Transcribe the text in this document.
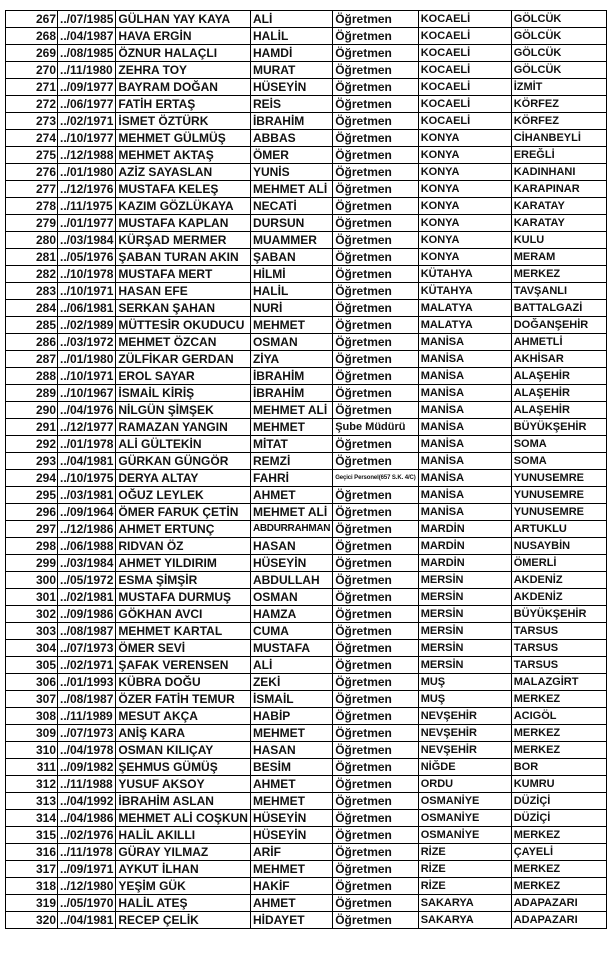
267	../07/1985	GÜLHAN YAY KAYA	ALİ	Öğretmen	KOCAELİ	GÖLCÜK
268	../04/1987	HAVA ERGİN	HALİL	Öğretmen	KOCAELİ	GÖLCÜK
269	../08/1985	ÖZNUR HALAÇLI	HAMDİ	Öğretmen	KOCAELİ	GÖLCÜK
270	../11/1980	ZEHRA TOY	MURAT	Öğretmen	KOCAELİ	GÖLCÜK
271	../09/1977	BAYRAM DOĞAN	HÜSEYİN	Öğretmen	KOCAELİ	İZMİT
272	../06/1977	FATİH ERTAŞ	REİS	Öğretmen	KOCAELİ	KÖRFEZ
273	../02/1971	İSMET ÖZTÜRK	İBRAHİM	Öğretmen	KOCAELİ	KÖRFEZ
274	../10/1977	MEHMET GÜLMÜŞ	ABBAS	Öğretmen	KONYA	CİHANBEYLİ
275	../12/1988	MEHMET AKTAŞ	ÖMER	Öğretmen	KONYA	EREĞLİ
276	../01/1980	AZİZ SAYASLAN	YUNİS	Öğretmen	KONYA	KADINHANI
277	../12/1976	MUSTAFA KELEŞ	MEHMET ALİ	Öğretmen	KONYA	KARAPINAR
278	../11/1975	KAZIM GÖZLÜKAYA	NECATİ	Öğretmen	KONYA	KARATAY
279	../01/1977	MUSTAFA KAPLAN	DURSUN	Öğretmen	KONYA	KARATAY
280	../03/1984	KÜRŞAD MERMER	MUAMMER	Öğretmen	KONYA	KULU
281	../05/1976	ŞABAN TURAN AKIN	ŞABAN	Öğretmen	KONYA	MERAM
282	../10/1978	MUSTAFA MERT	HİLMİ	Öğretmen	KÜTAHYA	MERKEZ
283	../10/1971	HASAN EFE	HALİL	Öğretmen	KÜTAHYA	TAVŞANLI
284	../06/1981	SERKAN ŞAHAN	NURİ	Öğretmen	MALATYA	BATTALGAZİ
285	../02/1989	MÜTTESİR OKUDUCU	MEHMET	Öğretmen	MALATYA	DOĞANŞEHİR
286	../03/1972	MEHMET ÖZCAN	OSMAN	Öğretmen	MANİSA	AHMETLİ
287	../01/1980	ZÜLFİKAR GERDAN	ZİYA	Öğretmen	MANİSA	AKHİSAR
288	../10/1971	EROL SAYAR	İBRAHİM	Öğretmen	MANİSA	ALAŞEHİR
289	../10/1967	İSMAİL KİRİŞ	İBRAHİM	Öğretmen	MANİSA	ALAŞEHİR
290	../04/1976	NİLGÜN ŞİMŞEK	MEHMET ALİ	Öğretmen	MANİSA	ALAŞEHİR
291	../12/1977	RAMAZAN YANGIN	MEHMET	Şube Müdürü	MANİSA	BÜYÜKŞEHİR
292	../01/1978	ALİ GÜLTEKİN	MİTAT	Öğretmen	MANİSA	SOMA
293	../04/1981	GÜRKAN GÜNGÖR	REMZİ	Öğretmen	MANİSA	SOMA
294	../10/1975	DERYA ALTAY	FAHRİ	Geçici Personel(657 S.K. 4/C)	MANİSA	YUNUSEMRE
295	../03/1981	OĞUZ LEYLEK	AHMET	Öğretmen	MANİSA	YUNUSEMRE
296	../09/1964	ÖMER FARUK ÇETİN	MEHMET ALİ	Öğretmen	MANİSA	YUNUSEMRE
297	../12/1986	AHMET ERTUNÇ	ABDURRAHMAN	Öğretmen	MARDİN	ARTUKLU
298	../06/1988	RIDVAN ÖZ	HASAN	Öğretmen	MARDİN	NUSAYBİN
299	../03/1984	AHMET YILDIRIM	HÜSEYİN	Öğretmen	MARDİN	ÖMERLİ
300	../05/1972	ESMA ŞİMŞİR	ABDULLAH	Öğretmen	MERSİN	AKDENİZ
301	../02/1981	MUSTAFA DURMUŞ	OSMAN	Öğretmen	MERSİN	AKDENİZ
302	../09/1986	GÖKHAN AVCI	HAMZA	Öğretmen	MERSİN	BÜYÜKŞEHİR
303	../08/1987	MEHMET KARTAL	CUMA	Öğretmen	MERSİN	TARSUS
304	../07/1973	ÖMER SEVİ	MUSTAFA	Öğretmen	MERSİN	TARSUS
305	../02/1971	ŞAFAK VERENSEN	ALİ	Öğretmen	MERSİN	TARSUS
306	../01/1993	KÜBRA DOĞU	ZEKİ	Öğretmen	MUŞ	MALAZGİRT
307	../08/1987	ÖZER FATİH TEMUR	İSMAİL	Öğretmen	MUŞ	MERKEZ
308	../11/1989	MESUT AKÇA	HABİP	Öğretmen	NEVŞEHİR	ACIGÖL
309	../07/1973	ANİŞ KARA	MEHMET	Öğretmen	NEVŞEHİR	MERKEZ
310	../04/1978	OSMAN KILIÇAY	HASAN	Öğretmen	NEVŞEHİR	MERKEZ
311	../09/1982	ŞEHMUS GÜMÜŞ	BESİM	Öğretmen	NİĞDE	BOR
312	../11/1988	YUSUF AKSOY	AHMET	Öğretmen	ORDU	KUMRU
313	../04/1992	İBRAHİM ASLAN	MEHMET	Öğretmen	OSMANİYE	DÜZİÇİ
314	../04/1986	MEHMET ALİ COŞKUN	HÜSEYİN	Öğretmen	OSMANİYE	DÜZİÇİ
315	../02/1976	HALİL AKILLI	HÜSEYİN	Öğretmen	OSMANİYE	MERKEZ
316	../11/1978	GÜRAY YILMAZ	ARİF	Öğretmen	RİZE	ÇAYELİ
317	../09/1971	AYKUT İLHAN	MEHMET	Öğretmen	RİZE	MERKEZ
318	../12/1980	YEŞİM GÜK	HAKİF	Öğretmen	RİZE	MERKEZ
319	../05/1970	HALİL ATEŞ	AHMET	Öğretmen	SAKARYA	ADAPAZARI
320	../04/1981	RECEP ÇELİK	HİDAYET	Öğretmen	SAKARYA	ADAPAZARI
